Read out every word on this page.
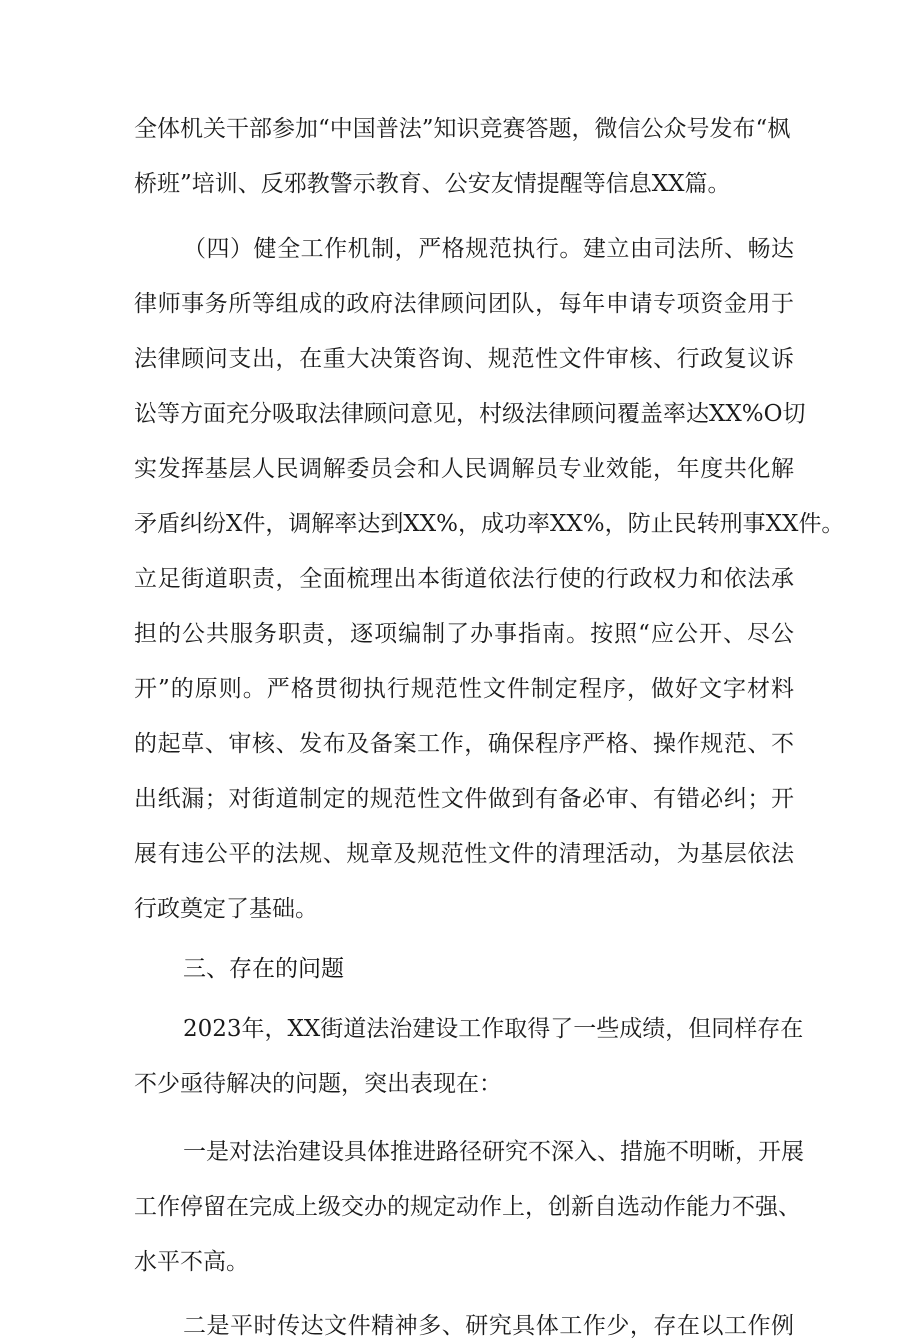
全体机关干部参加“中国普法”知识竞赛答题，微信公众号发布“枫
桥班”培训、反邪教警示教育、公安友情提醒等信息XX篇。
（四）健全工作机制，严格规范执行。建立由司法所、畅达
律师事务所等组成的政府法律顾问团队，每年申请专项资金用于
法律顾问支出，在重大决策咨询、规范性文件审核、行政复议诉
讼等方面充分吸取法律顾问意见，村级法律顾问覆盖率达XX%O切
实发挥基层人民调解委员会和人民调解员专业效能，年度共化解
矛盾纠纷X件，调解率达到XX%，成功率XX%，防止民转刑事XX件。
立足街道职责，全面梳理出本街道依法行使的行政权力和依法承
担的公共服务职责，逐项编制了办事指南。按照“应公开、尽公
开”的原则。严格贯彻执行规范性文件制定程序，做好文字材料
的起草、审核、发布及备案工作，确保程序严格、操作规范、不
出纸漏；对街道制定的规范性文件做到有备必审、有错必纠；开
展有违公平的法规、规章及规范性文件的清理活动，为基层依法
行政奠定了基础。
三、存在的问题
2023年，XX街道法治建设工作取得了一些成绩，但同样存在
不少亟待解决的问题，突出表现在：
一是对法治建设具体推进路径研究不深入、措施不明晰，开展
工作停留在完成上级交办的规定动作上，创新自选动作能力不强、
水平不高。
二是平时传达文件精神多、研究具体工作少，存在以工作例
